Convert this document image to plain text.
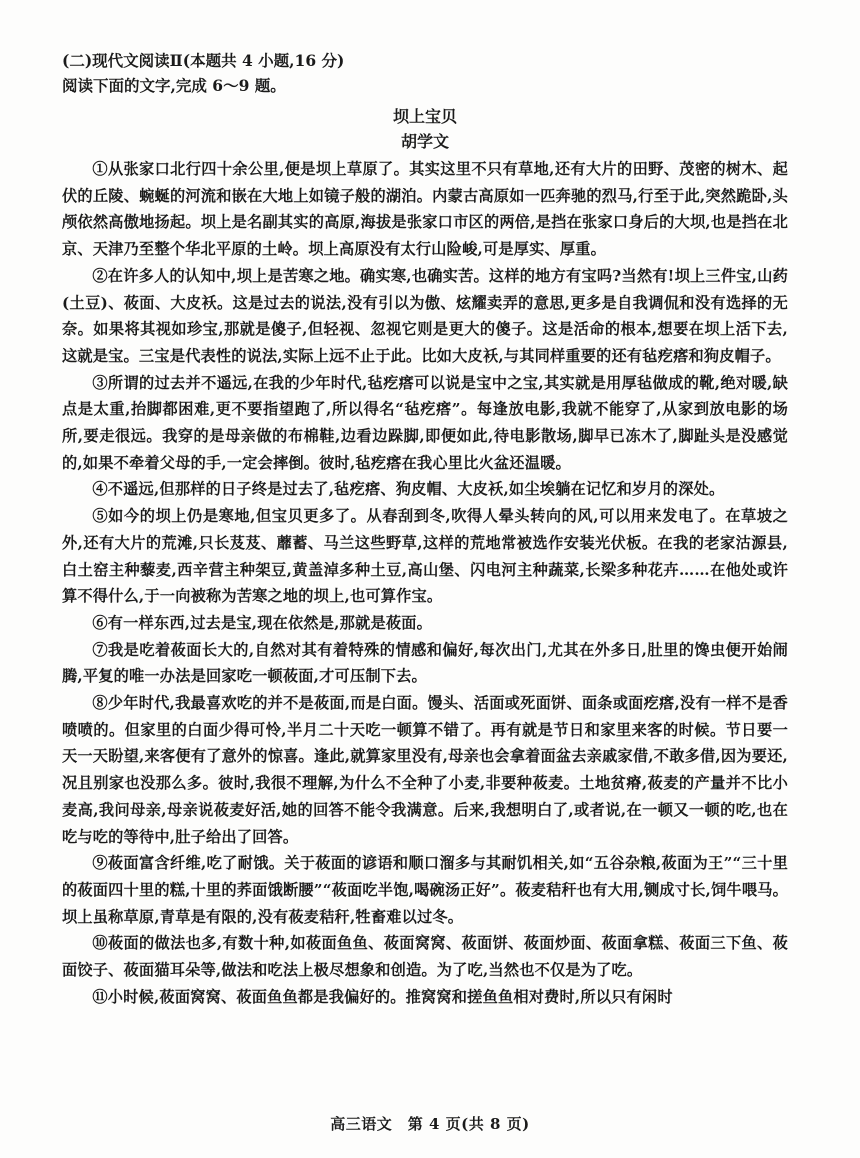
(二)现代文阅读Ⅱ(本题共 4 小题,16 分)

阅读下面的文字,完成 6～9 题。

坝上宝贝

胡学文

①从张家口北行四十余公里,便是坝上草原了。其实这里不只有草地,还有大片的田野、茂密的树木、起伏的丘陵、蜿蜒的河流和嵌在大地上如镜子般的湖泊。内蒙古高原如一匹奔驰的烈马,行至于此,突然跪卧,头颅依然高傲地扬起。坝上是名副其实的高原,海拔是张家口市区的两倍,是挡在张家口身后的大坝,也是挡在北京、天津乃至整个华北平原的土岭。坝上高原没有太行山险峻,可是厚实、厚重。

②在许多人的认知中,坝上是苦寒之地。确实寒,也确实苦。这样的地方有宝吗?当然有!坝上三件宝,山药(土豆)、莜面、大皮袄。这是过去的说法,没有引以为傲、炫耀卖弄的意思,更多是自我调侃和没有选择的无奈。如果将其视如珍宝,那就是傻子,但轻视、忽视它则是更大的傻子。这是活命的根本,想要在坝上活下去,这就是宝。三宝是代表性的说法,实际上远不止于此。比如大皮袄,与其同样重要的还有毡疙瘩和狗皮帽子。

③所谓的过去并不遥远,在我的少年时代,毡疙瘩可以说是宝中之宝,其实就是用厚毡做成的靴,绝对暖,缺点是太重,抬脚都困难,更不要指望跑了,所以得名“毡疙瘩”。每逢放电影,我就不能穿了,从家到放电影的场所,要走很远。我穿的是母亲做的布棉鞋,边看边跺脚,即便如此,待电影散场,脚早已冻木了,脚趾头是没感觉的,如果不牵着父母的手,一定会摔倒。彼时,毡疙瘩在我心里比火盆还温暖。

④不遥远,但那样的日子终是过去了,毡疙瘩、狗皮帽、大皮袄,如尘埃躺在记忆和岁月的深处。

⑤如今的坝上仍是寒地,但宝贝更多了。从春刮到冬,吹得人晕头转向的风,可以用来发电了。在草坡之外,还有大片的荒滩,只长芨芨、蘼蓄、马兰这些野草,这样的荒地常被选作安装光伏板。在我的老家沽源县,白土窑主种藜麦,西辛营主种架豆,黄盖淖多种土豆,高山堡、闪电河主种蔬菜,长梁多种花卉……在他处或许算不得什么,于一向被称为苦寒之地的坝上,也可算作宝。

⑥有一样东西,过去是宝,现在依然是,那就是莜面。

⑦我是吃着莜面长大的,自然对其有着特殊的情感和偏好,每次出门,尤其在外多日,肚里的馋虫便开始闹腾,平复的唯一办法是回家吃一顿莜面,才可压制下去。

⑧少年时代,我最喜欢吃的并不是莜面,而是白面。馒头、活面或死面饼、面条或面疙瘩,没有一样不是香喷喷的。但家里的白面少得可怜,半月二十天吃一顿算不错了。再有就是节日和家里来客的时候。节日要一天一天盼望,来客便有了意外的惊喜。逢此,就算家里没有,母亲也会拿着面盆去亲戚家借,不敢多借,因为要还,况且别家也没那么多。彼时,我很不理解,为什么不全种了小麦,非要种莜麦。土地贫瘠,莜麦的产量并不比小麦高,我问母亲,母亲说莜麦好活,她的回答不能令我满意。后来,我想明白了,或者说,在一顿又一顿的吃,也在吃与吃的等待中,肚子给出了回答。

⑨莜面富含纤维,吃了耐饿。关于莜面的谚语和顺口溜多与其耐饥相关,如“五谷杂粮,莜面为王”“三十里的莜面四十里的糕,十里的荞面饿断腰”“莜面吃半饱,喝碗汤正好”。莜麦秸秆也有大用,铡成寸长,饲牛喂马。坝上虽称草原,青草是有限的,没有莜麦秸秆,牲畜难以过冬。

⑩莜面的做法也多,有数十种,如莜面鱼鱼、莜面窝窝、莜面饼、莜面炒面、莜面拿糕、莜面三下鱼、莜面饺子、莜面猫耳朵等,做法和吃法上极尽想象和创造。为了吃,当然也不仅是为了吃。

⑪小时候,莜面窝窝、莜面鱼鱼都是我偏好的。推窝窝和搓鱼鱼相对费时,所以只有闲时

高三语文　第 4 页(共 8 页)
